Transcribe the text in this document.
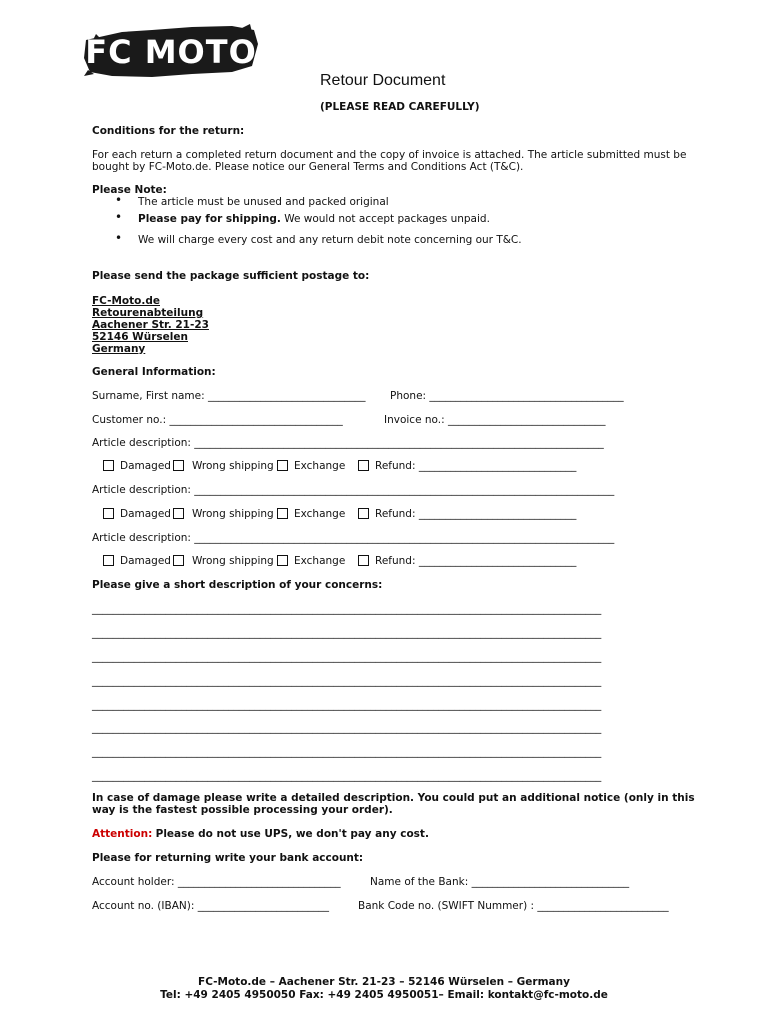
FC MOTO
Retour Document
(PLEASE READ CAREFULLY)
Conditions for the return:
For each return a completed return document and the copy of invoice is attached. The article submitted must be
bought by FC-Moto.de. Please notice our General Terms and Conditions Act (T&C).
Please Note:
• The article must be unused and packed original
• Please pay for shipping. We would not accept packages unpaid.
• We will charge every cost and any return debit note concerning our T&C.
Please send the package sufficient postage to:
FC-Moto.de
Retourenabteilung
Aachener Str. 21-23
52146 Würselen
Germany
General Information:
Surname, First name: ______________________________ Phone: _____________________________________
Customer no.: _________________________________	Invoice no.: ______________________________
Article description: ______________________________________________________________________________
Damaged Wrong shipping Exchange	Refund: ______________________________
Article description: ________________________________________________________________________________
Damaged Wrong shipping Exchange	Refund: ______________________________
Article description: ________________________________________________________________________________
Damaged Wrong shipping Exchange	Refund: ______________________________
Please give a short description of your concerns:
_________________________________________________________________________________________________
_________________________________________________________________________________________________
_________________________________________________________________________________________________
_________________________________________________________________________________________________
_________________________________________________________________________________________________
_________________________________________________________________________________________________
_________________________________________________________________________________________________
_________________________________________________________________________________________________
In case of damage please write a detailed description. You could put an additional notice (only in this
way is the fastest possible processing your order).
Attention: Please do not use UPS, we don't pay any cost.
Please for returning write your bank account:
Account holder: _______________________________	Name of the Bank: ______________________________
Account no. (IBAN): _________________________	Bank Code no. (SWIFT Nummer) : _________________________
FC-Moto.de – Aachener Str. 21-23 – 52146 Würselen – Germany
Tel: +49 2405 4950050 Fax: +49 2405 4950051– Email: kontakt@fc-moto.de
